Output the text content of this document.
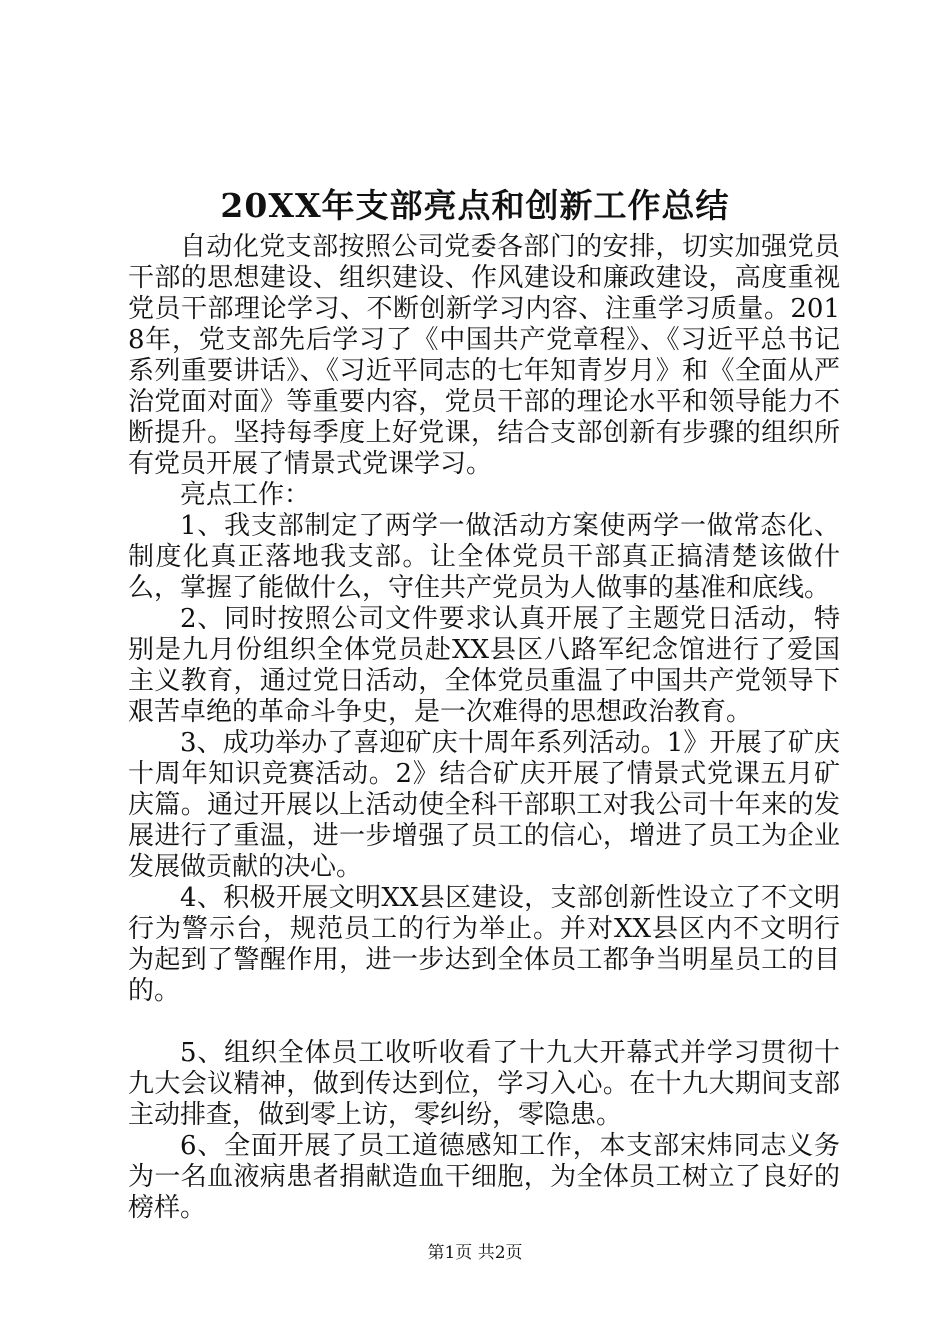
20XX年支部亮点和创新工作总结

自动化党支部按照公司党委各部门的安排，切实加强党员干部的思想建设、组织建设、作风建设和廉政建设，高度重视党员干部理论学习、不断创新学习内容、注重学习质量。2018年，党支部先后学习了《中国共产党章程》、《习近平总书记系列重要讲话》、《习近平同志的七年知青岁月》和《全面从严治党面对面》等重要内容，党员干部的理论水平和领导能力不断提升。坚持每季度上好党课，结合支部创新有步骤的组织所有党员开展了情景式党课学习。

亮点工作：

1、我支部制定了两学一做活动方案使两学一做常态化、制度化真正落地我支部。让全体党员干部真正搞清楚该做什么，掌握了能做什么，守住共产党员为人做事的基准和底线。

2、同时按照公司文件要求认真开展了主题党日活动，特别是九月份组织全体党员赴XX县区八路军纪念馆进行了爱国主义教育，通过党日活动，全体党员重温了中国共产党领导下艰苦卓绝的革命斗争史，是一次难得的思想政治教育。

3、成功举办了喜迎矿庆十周年系列活动。1》开展了矿庆十周年知识竞赛活动。2》结合矿庆开展了情景式党课五月矿庆篇。通过开展以上活动使全科干部职工对我公司十年来的发展进行了重温，进一步增强了员工的信心，增进了员工为企业发展做贡献的决心。

4、积极开展文明XX县区建设，支部创新性设立了不文明行为警示台，规范员工的行为举止。并对XX县区内不文明行为起到了警醒作用，进一步达到全体员工都争当明星员工的目的。

5、组织全体员工收听收看了十九大开幕式并学习贯彻十九大会议精神，做到传达到位，学习入心。在十九大期间支部主动排查，做到零上访，零纠纷，零隐患。

6、全面开展了员工道德感知工作，本支部宋炜同志义务为一名血液病患者捐献造血干细胞，为全体员工树立了良好的榜样。

第1页 共2页
